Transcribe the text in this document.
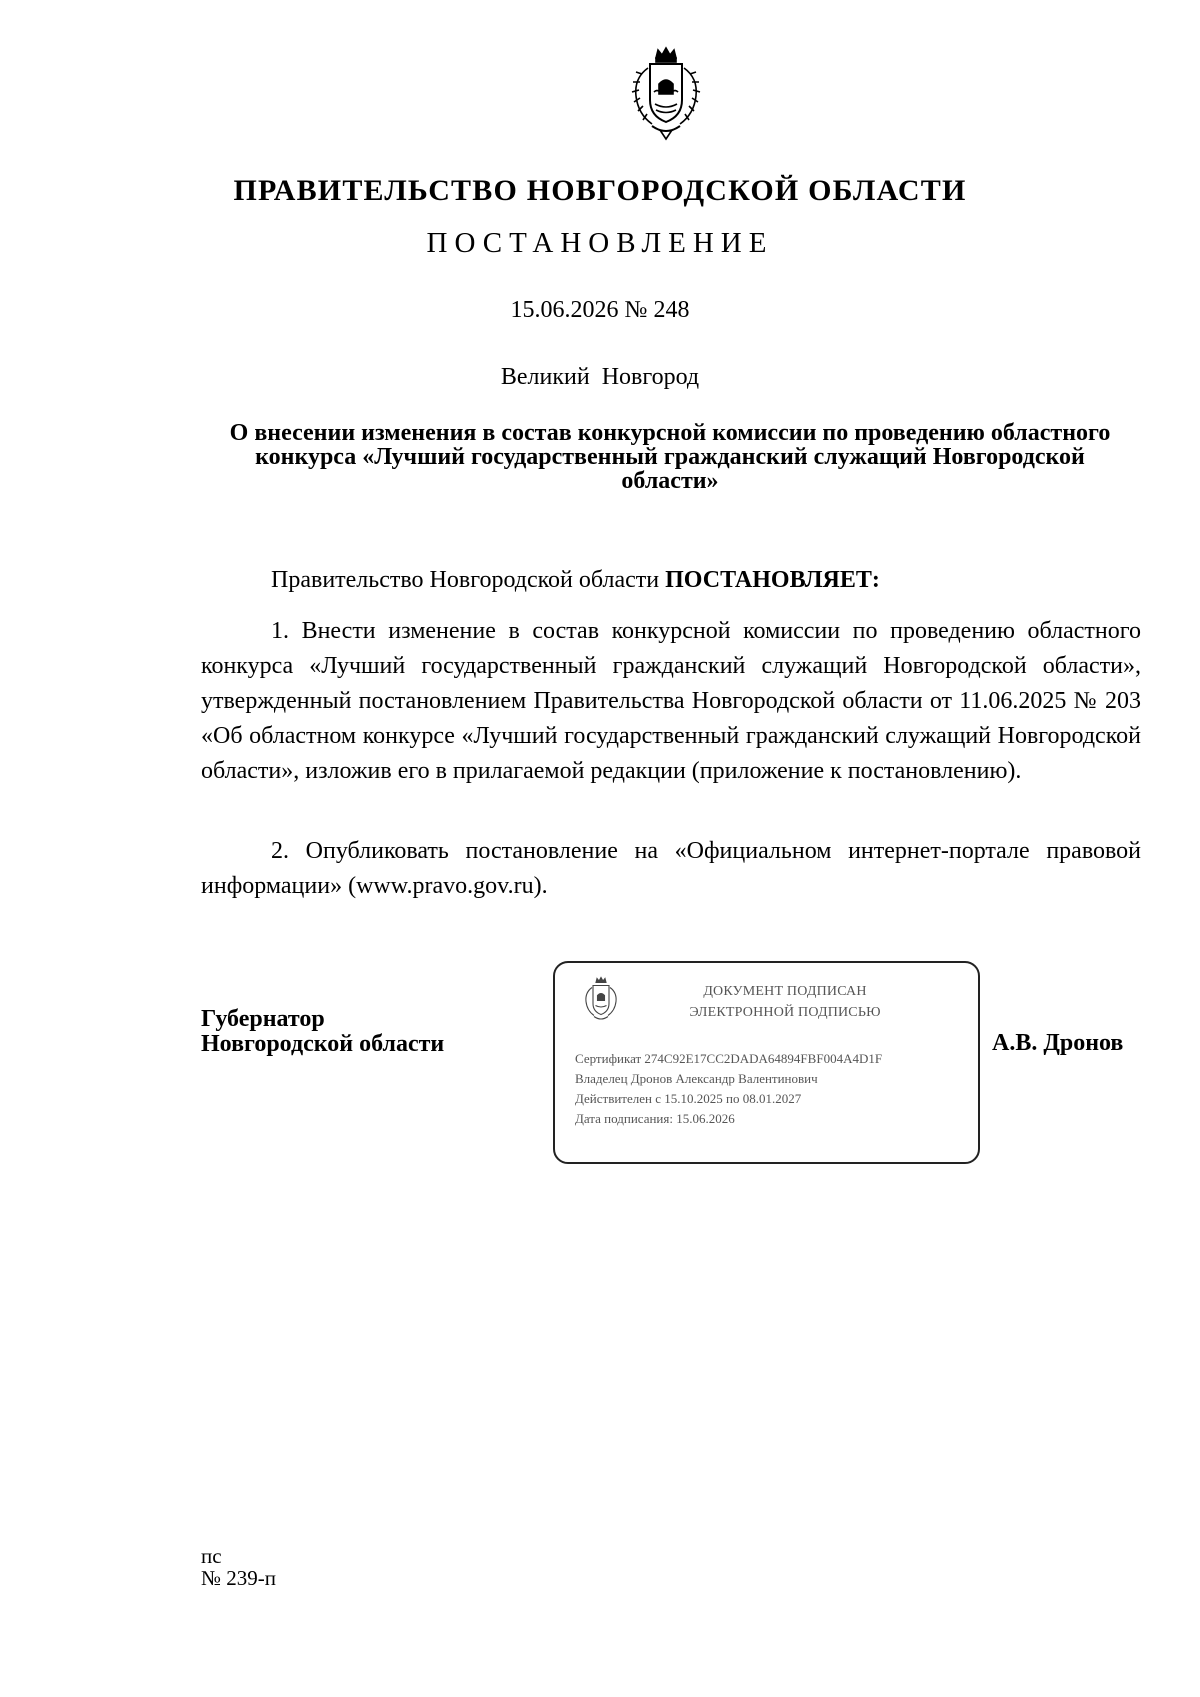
ПРАВИТЕЛЬСТВО НОВГОРОДСКОЙ ОБЛАСТИ
ПОСТАНОВЛЕНИЕ
15.06.2026 № 248
Великий Новгород
О внесении изменения в состав конкурсной комиссии по проведению областного конкурса «Лучший государственный гражданский служащий Новгородской области»
Правительство Новгородской области ПОСТАНОВЛЯЕТ:

1. Внести изменение в состав конкурсной комиссии по проведению областного конкурса «Лучший государственный гражданский служащий Новгородской области», утвержденный постановлением Правительства Новгородской области от 11.06.2025 № 203 «Об областном конкурсе «Лучший государственный гражданский служащий Новгородской области», изложив его в прилагаемой редакции (приложение к постановлению).

2. Опубликовать постановление на «Официальном интернет-портале правовой информации» (www.pravo.gov.ru).

Губернатор
Новгородской области
ДОКУМЕНТ ПОДПИСАН
ЭЛЕКТРОННОЙ ПОДПИСЬЮ
Сертификат 274C92E17CC2DADA64894FBF004A4D1F
Владелец Дронов Александр Валентинович
Действителен с 15.10.2025 по 08.01.2027
Дата подписания: 15.06.2026
А.В. Дронов
пс
№ 239-п
